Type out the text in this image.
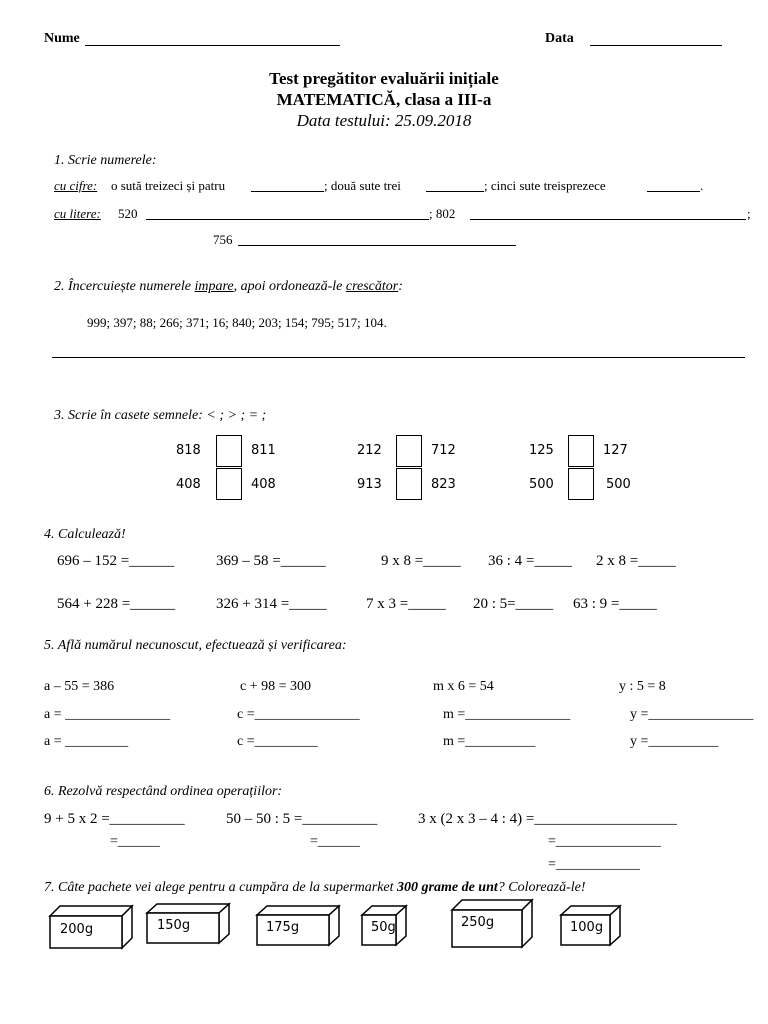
Nume	Data
Test pregătitor evaluării inițiale
MATEMATICĂ, clasa a III-a
Data testului: 25.09.2018
1. Scrie numerele:
cu cifre: o sută treizeci și patru	; două sute trei	; cinci sute treisprezece	.
cu litere: 520	; 802	;
756
2. Încercuiește numerele impare, apoi ordonează-le crescător:
999; 397; 88; 266; 371; 16; 840; 203; 154; 795; 517; 104.
3. Scrie în casete semnele: < ; > ; = ;
818	811	212	712	125	127
408	408	913	823	500	500
4. Calculează!
696 – 152 =______	369 – 58 =______	9 x 8 =_____ 36 : 4 =_____ 2 x 8 =_____
564 + 228 =______	326 + 314 =_____	7 x 3 =_____ 20 : 5=_____ 63 : 9 =_____
5. Află numărul necunoscut, efectuează și verificarea:
a – 55 = 386	c + 98 = 300	m x 6 = 54	y : 5 = 8
a = _______________	c =_______________	m =_______________	y =_______________
a = _________	c =_________	m =__________	y =__________
6. Rezolvă respectând ordinea operațiilor:
9 + 5 x 2 =__________	50 – 50 : 5 =__________	3 x (2 x 3 – 4 : 4) =___________________
=______	=______	=_______________
=____________
7. Câte pachete vei alege pentru a cumpăra de la supermarket 300 grame de unt? Colorează-le!
200g	150g	175g	50g	250g	100g
